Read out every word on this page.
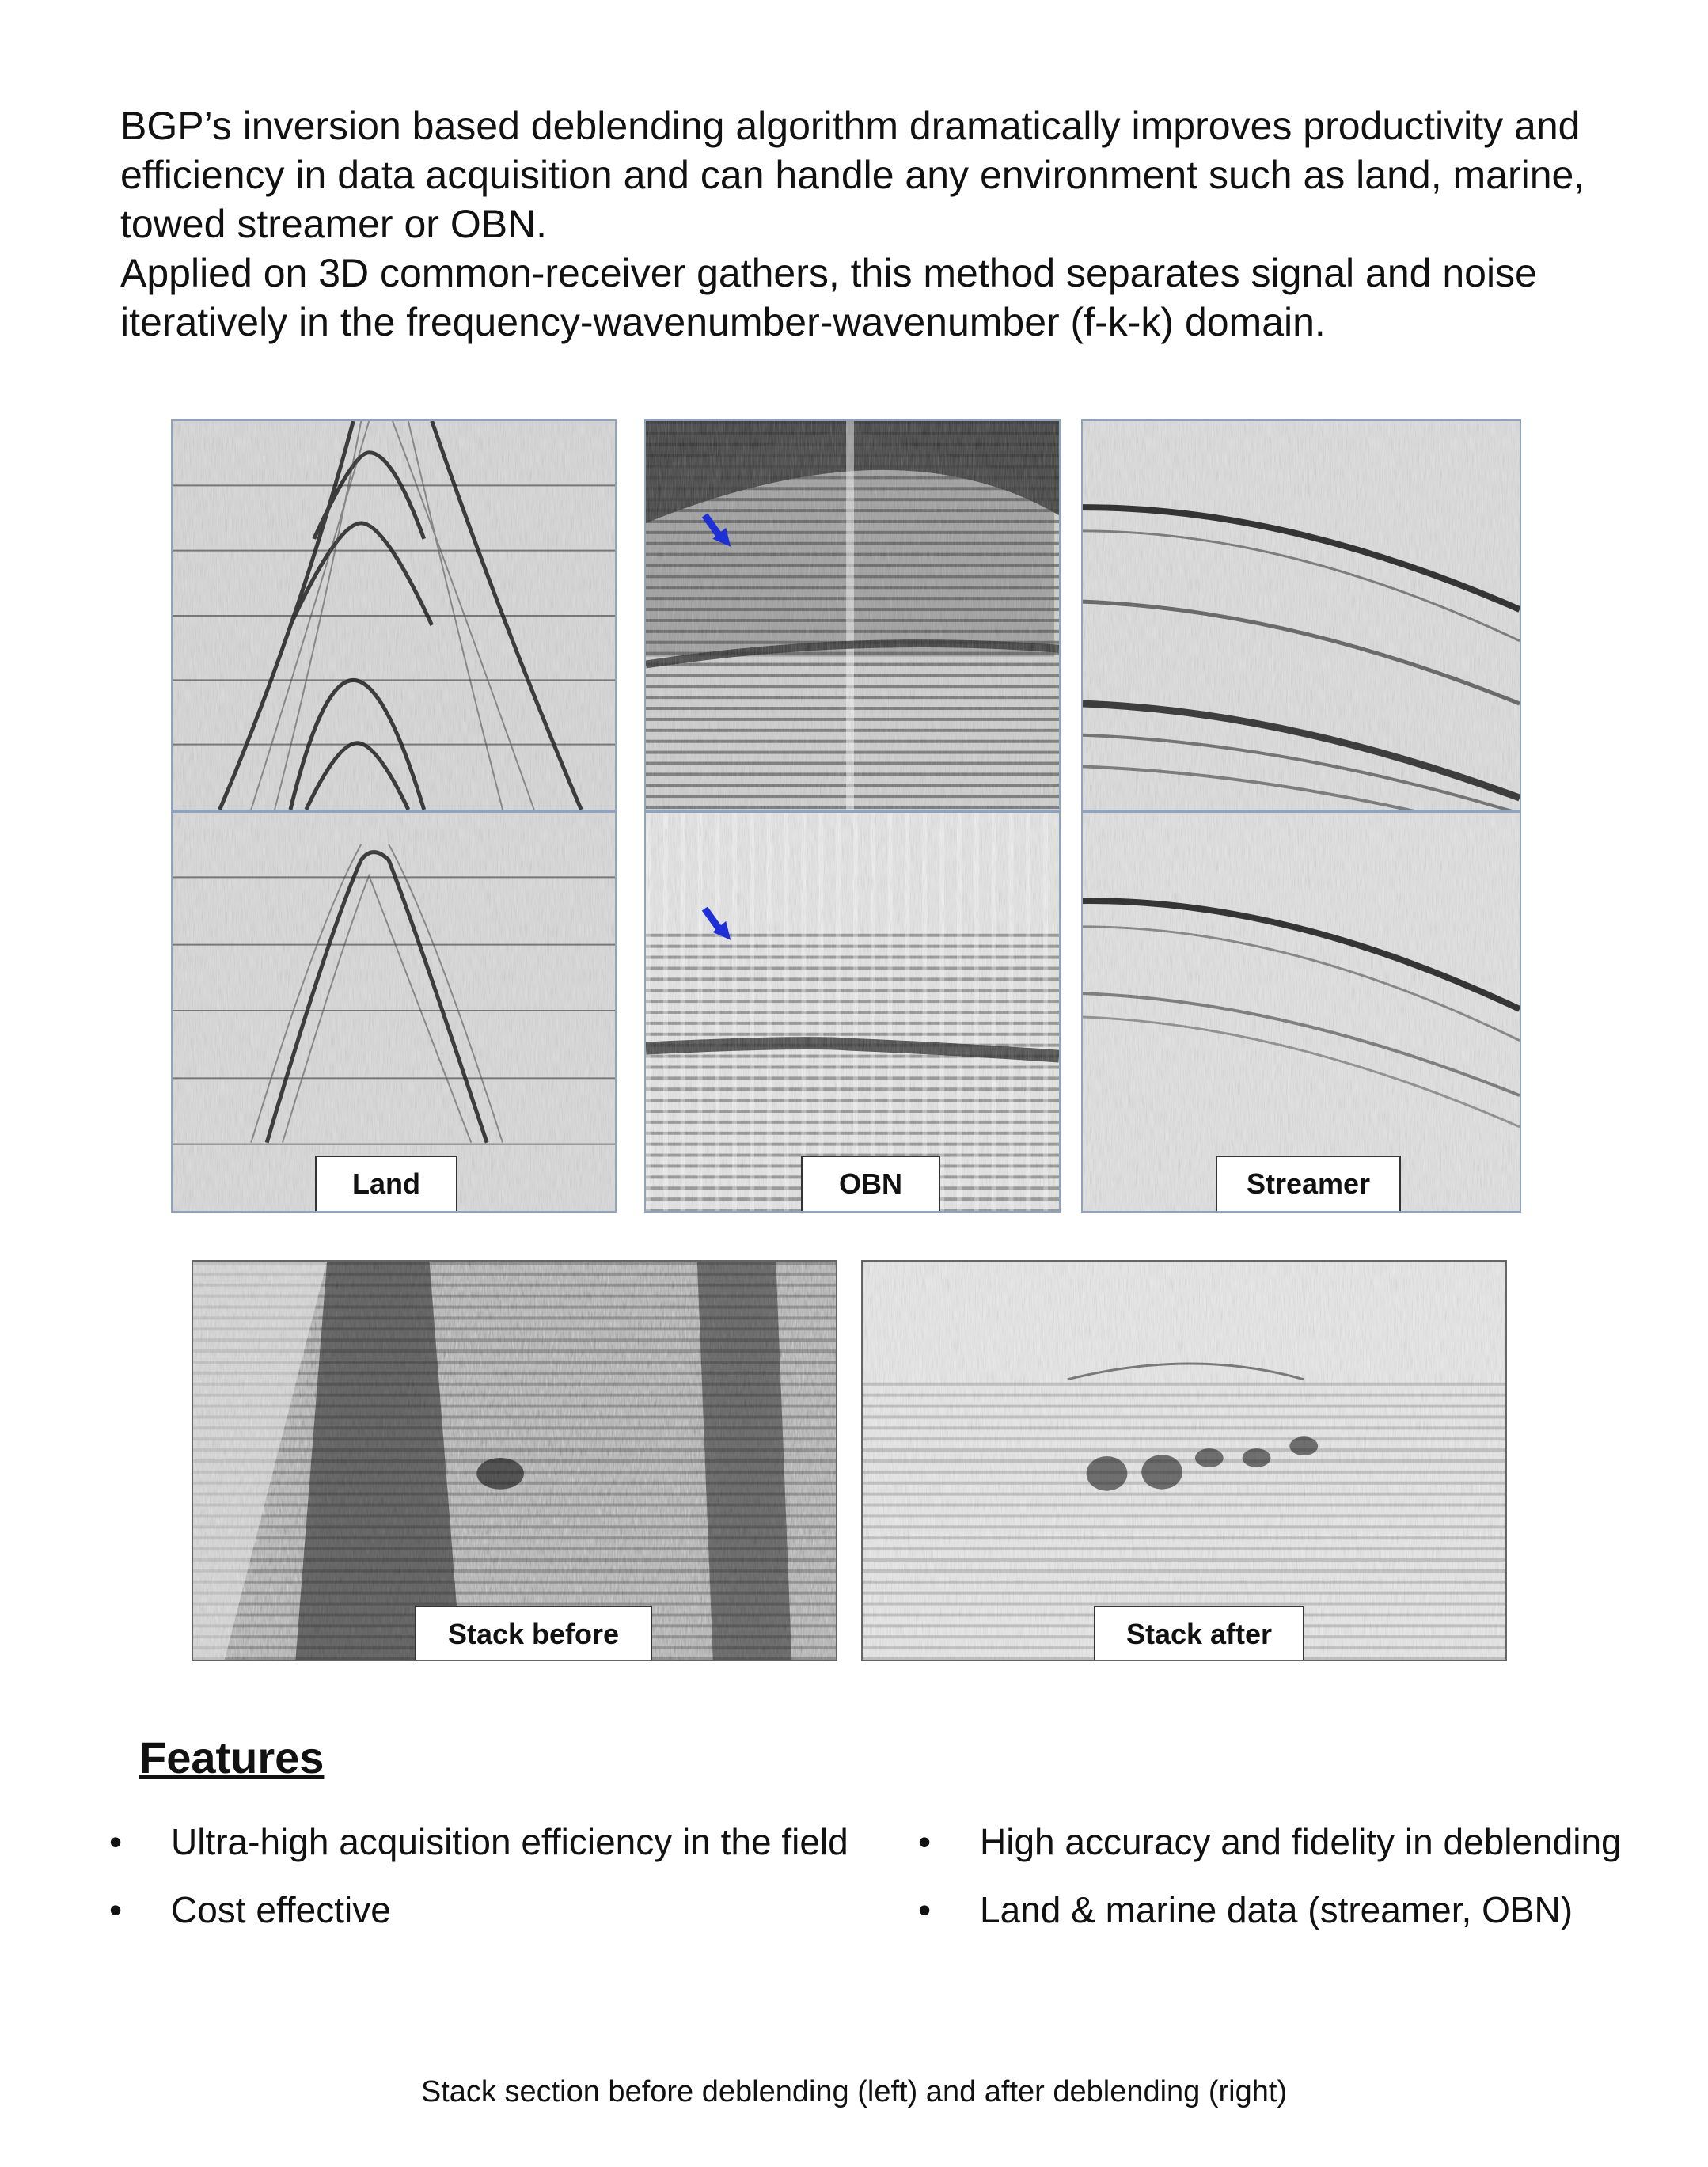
BGP’s inversion based deblending algorithm dramatically improves productivity and efficiency in data acquisition and can handle any environment such as land, marine, towed streamer or OBN.

Applied on 3D common-receiver gathers, this method separates signal and noise iteratively in the frequency-wavenumber-wavenumber (f-k-k) domain.

Land	OBN	Streamer
Stack before	Stack after
Features
• Ultra-high acquisition efficiency in the field • High accuracy and fidelity in deblending
• Cost effective	• Land & marine data (streamer, OBN)
Stack section before deblending (left) and after deblending (right)
